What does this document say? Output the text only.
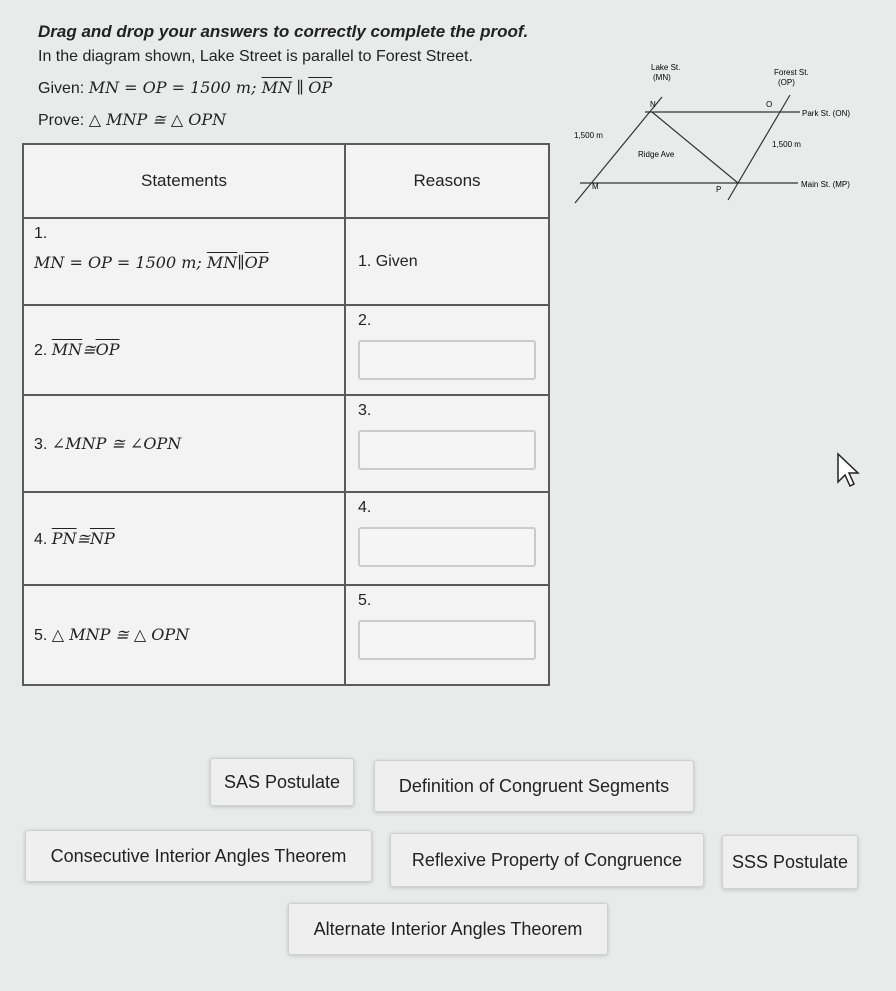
Drag and drop your answers to correctly complete the proof.

In the diagram shown, Lake Street is parallel to Forest Street.

Given: MN = OP = 1500 m; $\overline{MN}$ ∥ $\overline{OP}$

Prove: △ MNP ≅ △ OPN

Lake St.
(MN)
Forest St.
(OP)
Park St. (ON)
Main St. (MP)
Ridge Ave
1,500 m
1,500 m
N	O
M	P
Statements	Reasons

1.
MN = OP = 1500 m; $\overline{MN}\parallel\overline{OP}$	1. Given
2. $\overline{MN}≅\overline{OP}$	2.

3. ∠MNP ≅ ∠OPN	3.

4. $\overline{PN}≅\overline{NP}$	4.

5. △ MNP ≅ △ OPN	5.
SAS Postulate	Definition of Congruent Segments
Consecutive Interior Angles Theorem	Reflexive Property of Congruence	SSS Postulate
Alternate Interior Angles Theorem
